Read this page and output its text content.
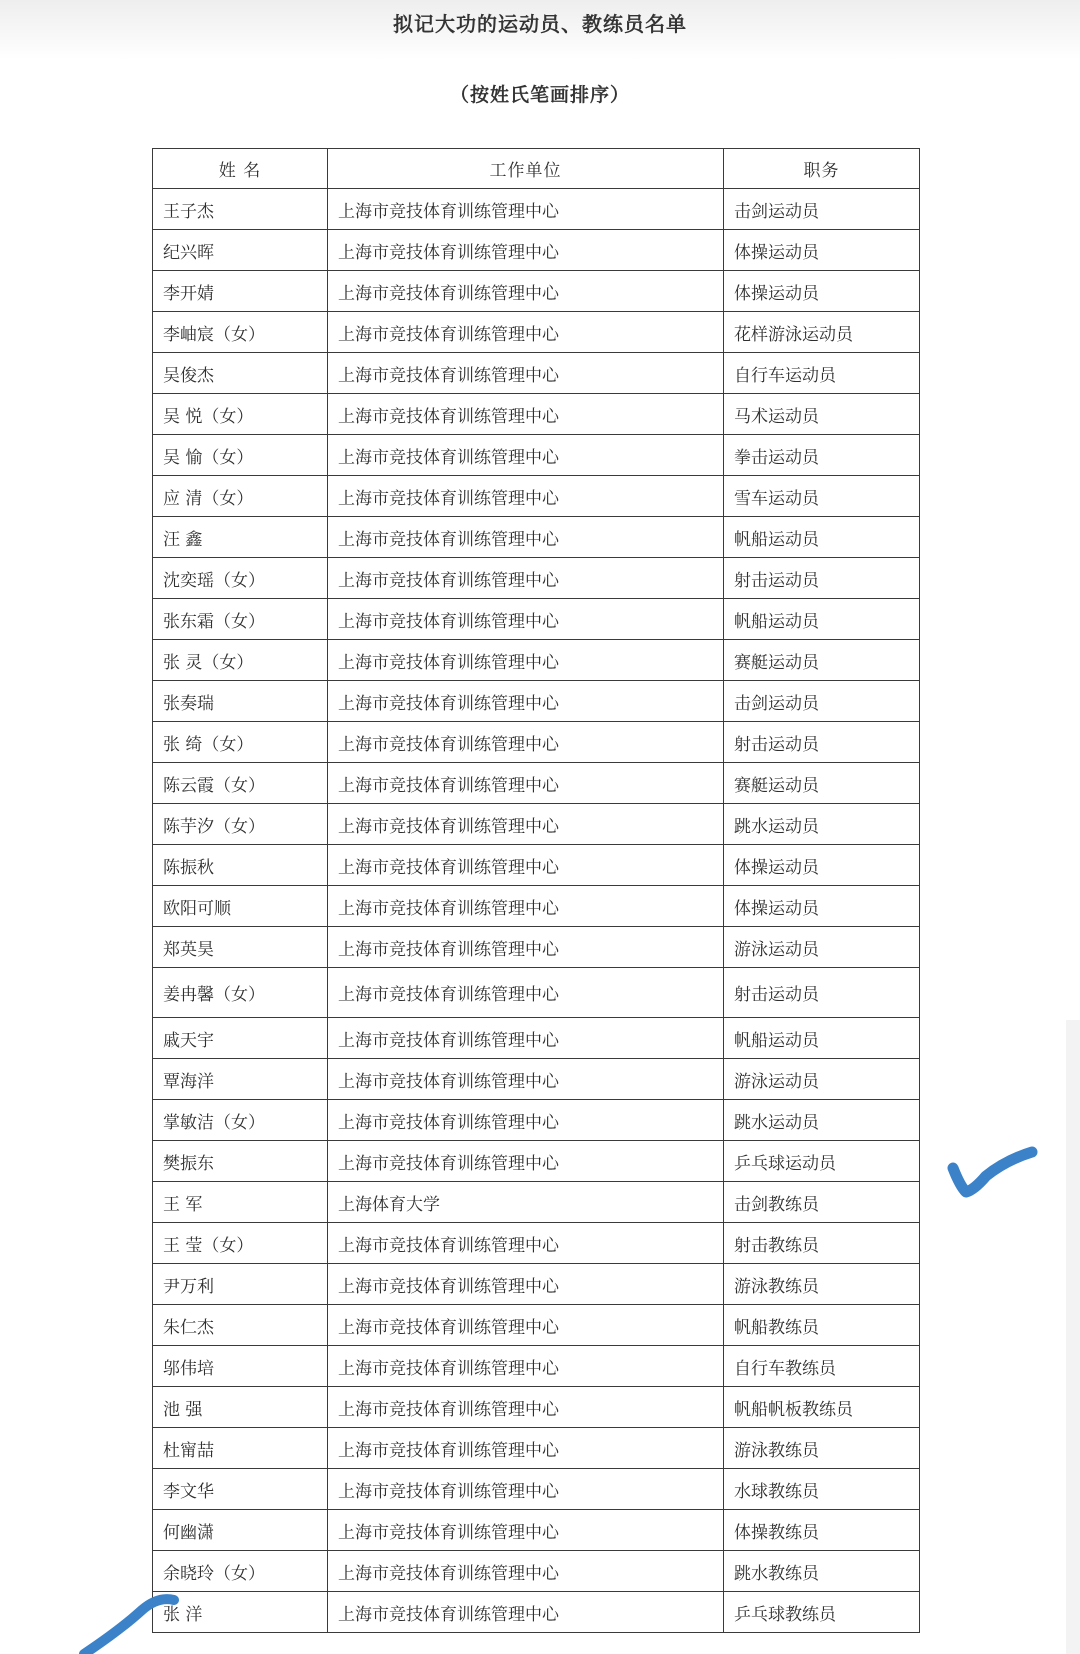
拟记大功的运动员、教练员名单
（按姓氏笔画排序）
姓 名	工作单位	职务
王子杰	上海市竞技体育训练管理中心	击剑运动员
纪兴晖	上海市竞技体育训练管理中心	体操运动员
李开婧	上海市竞技体育训练管理中心	体操运动员
李岫宸（女）	上海市竞技体育训练管理中心	花样游泳运动员
吴俊杰	上海市竞技体育训练管理中心	自行车运动员
吴 悦（女）	上海市竞技体育训练管理中心	马术运动员
吴 愉（女）	上海市竞技体育训练管理中心	拳击运动员
应 清（女）	上海市竞技体育训练管理中心	雪车运动员
汪 鑫	上海市竞技体育训练管理中心	帆船运动员
沈奕瑶（女）	上海市竞技体育训练管理中心	射击运动员
张东霜（女）	上海市竞技体育训练管理中心	帆船运动员
张 灵（女）	上海市竞技体育训练管理中心	赛艇运动员
张奏瑞	上海市竞技体育训练管理中心	击剑运动员
张 绮（女）	上海市竞技体育训练管理中心	射击运动员
陈云霞（女）	上海市竞技体育训练管理中心	赛艇运动员
陈芋汐（女）	上海市竞技体育训练管理中心	跳水运动员
陈振秋	上海市竞技体育训练管理中心	体操运动员
欧阳可顺	上海市竞技体育训练管理中心	体操运动员
郑英昊	上海市竞技体育训练管理中心	游泳运动员
姜冉馨（女）	上海市竞技体育训练管理中心	射击运动员
戚天宇	上海市竞技体育训练管理中心	帆船运动员
覃海洋	上海市竞技体育训练管理中心	游泳运动员
掌敏洁（女）	上海市竞技体育训练管理中心	跳水运动员
樊振东	上海市竞技体育训练管理中心	乒乓球运动员
王 军	上海体育大学	击剑教练员
王 莹（女）	上海市竞技体育训练管理中心	射击教练员
尹万利	上海市竞技体育训练管理中心	游泳教练员
朱仁杰	上海市竞技体育训练管理中心	帆船教练员
邬伟培	上海市竞技体育训练管理中心	自行车教练员
池 强	上海市竞技体育训练管理中心	帆船帆板教练员
杜甯喆	上海市竞技体育训练管理中心	游泳教练员
李文华	上海市竞技体育训练管理中心	水球教练员
何幽潇	上海市竞技体育训练管理中心	体操教练员
余晓玲（女）	上海市竞技体育训练管理中心	跳水教练员
张 洋	上海市竞技体育训练管理中心	乒乓球教练员
